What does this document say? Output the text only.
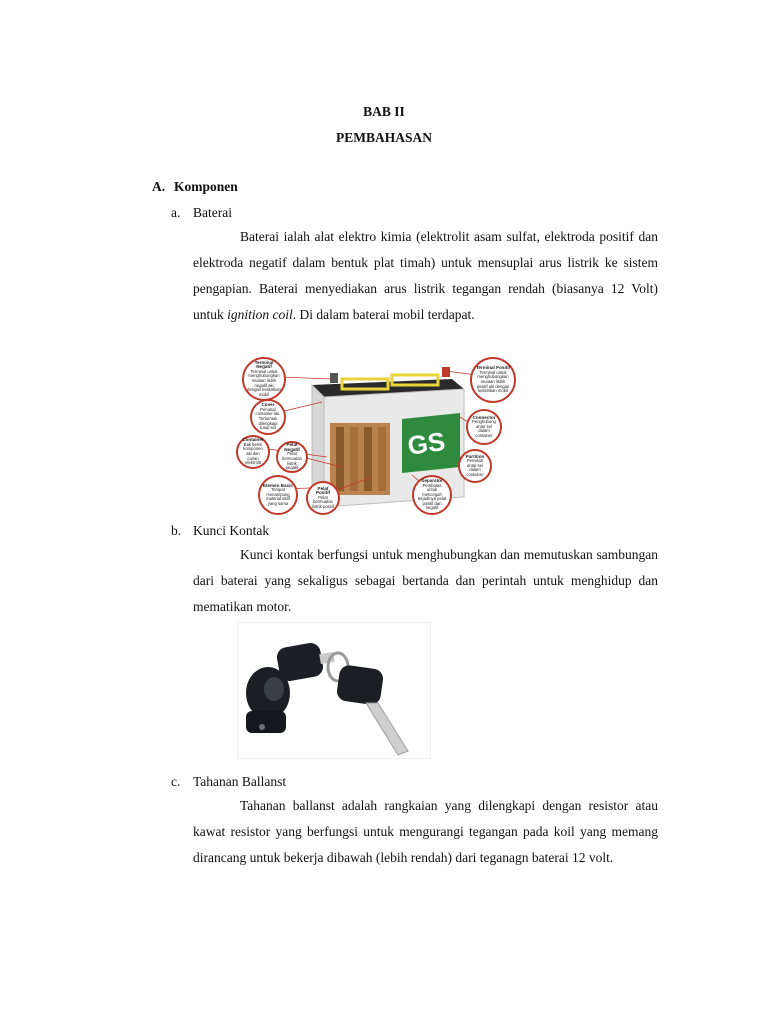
BAB II
PEMBAHASAN
A. Komponen
a. Baterai
Baterai ialah alat elektro kimia (elektrolit asam sulfat, elektroda positif dan elektroda negatif dalam bentuk plat timah) untuk mensuplai arus listrik ke sistem pengapian. Baterai menyediakan arus listrik tegangan rendah (biasanya 12 Volt) untuk ignition coil. Di dalam baterai mobil terdapat.
GS
Terminal Negatif
Terminal untuk menghubungkan muatan listrik negatif aki dengan kelistrikan mobil
Cover
Penutup container aki. Terbentuk dilengkapi tutup sel
Container
Bak berisi komponen aki dan cairan elektrolit
Pelat Negatif
Pelat bermuatan listrik negatif
Elemen Basic
Tempat menampung material aktif yang sama
Pelat Positif
Pelat bermuatan listrik positif
Terminal Positif
Terminal untuk menghubungkan muatan listrik positif aki dengan kelistrikan mobil
Connector
Penghubung antar sel dalam container
Partition
Pemisah antar sel dalam container
Separator
Pembatas untuk mencegah terjadinya pelat positif dan negatif
b. Kunci Kontak
Kunci kontak berfungsi untuk menghubungkan dan memutuskan sambungan dari baterai yang sekaligus sebagai bertanda dan perintah untuk menghidup dan mematikan motor.
c. Tahanan Ballanst
Tahanan ballanst adalah rangkaian yang dilengkapi dengan resistor atau kawat resistor yang berfungsi untuk mengurangi tegangan pada koil yang memang dirancang untuk bekerja dibawah (lebih rendah) dari teganagn baterai 12 volt.
